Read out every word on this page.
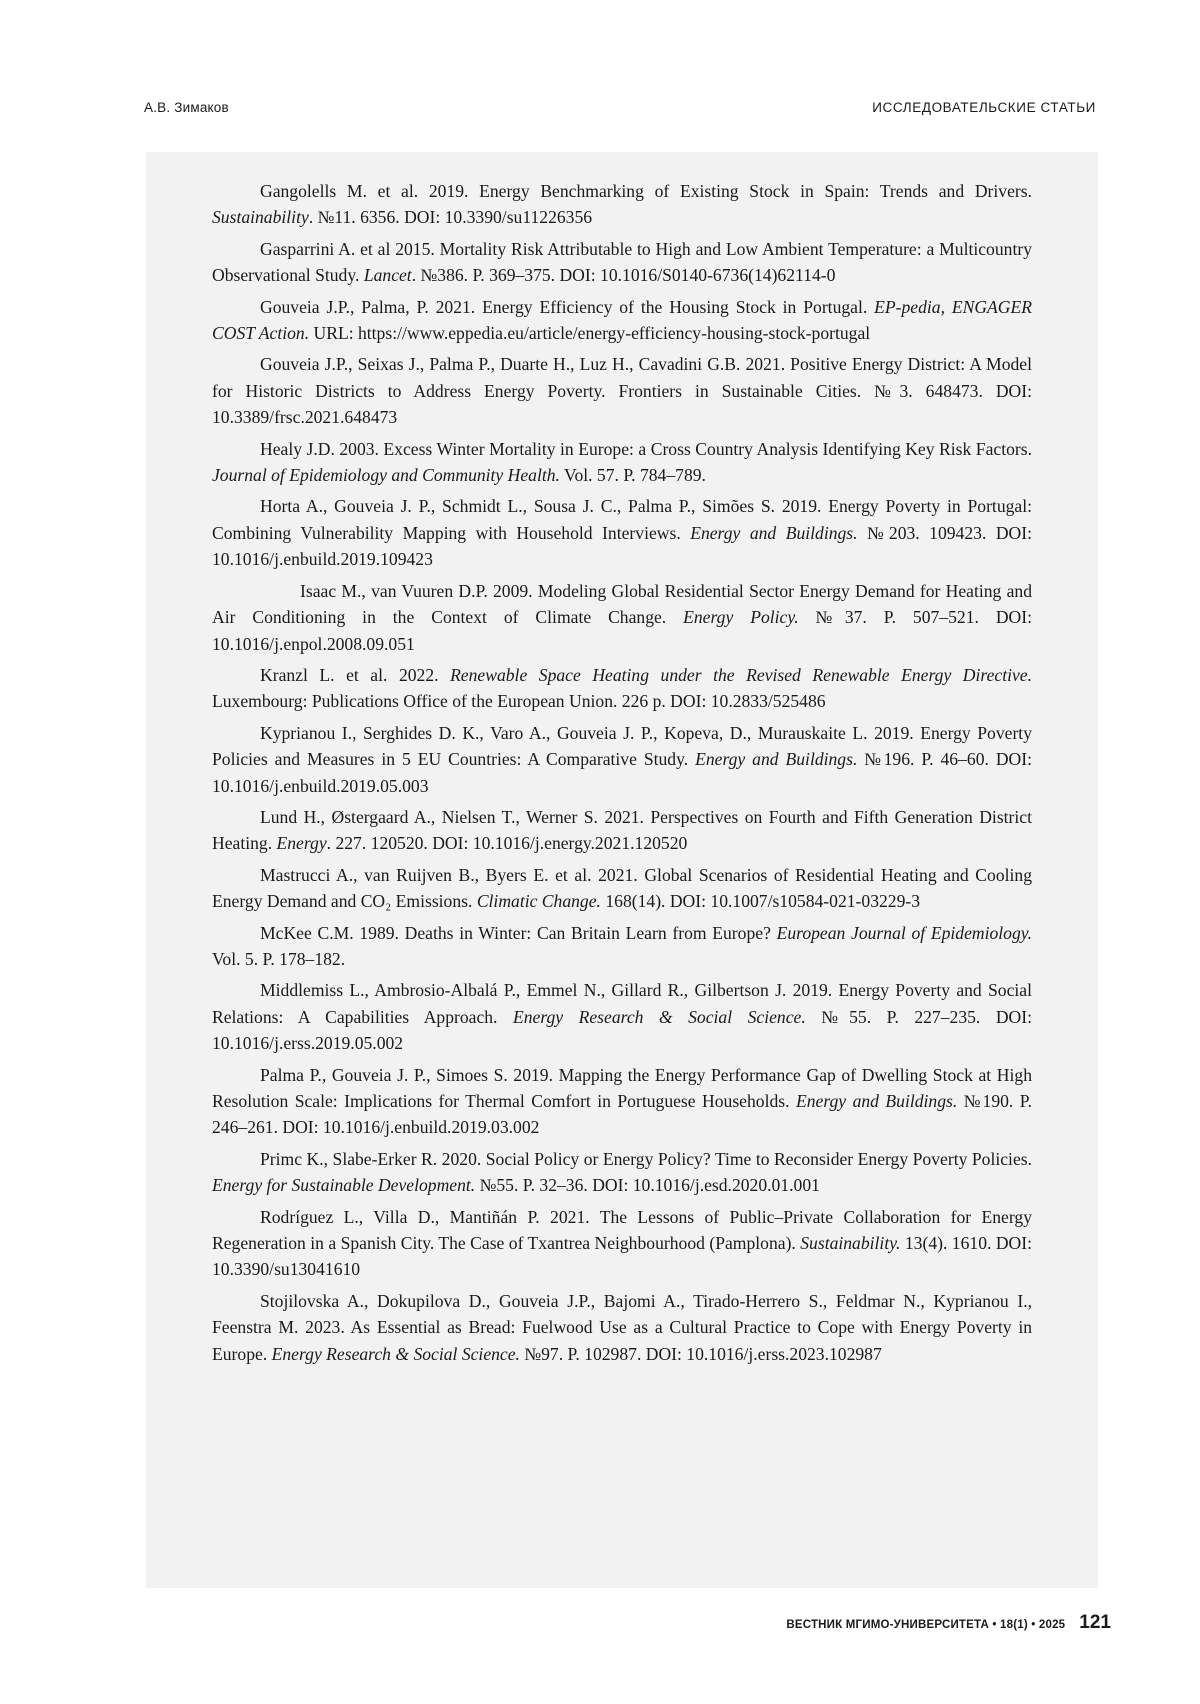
А.В. Зимаков	ИССЛЕДОВАТЕЛЬСКИЕ СТАТЬИ

Gangolells M. et al. 2019. Energy Benchmarking of Existing Stock in Spain: Trends and Drivers. Sustainability. №11. 6356. DOI: 10.3390/su11226356

Gasparrini A. et al 2015. Mortality Risk Attributable to High and Low Ambient Temperature: a Multicountry Observational Study. Lancet. №386. P. 369–375. DOI: 10.1016/S0140-6736(14)62114-0

Gouveia J.P., Palma, P. 2021. Energy Efficiency of the Housing Stock in Portugal. EP-pedia, ENGAGER COST Action. URL: https://www.eppedia.eu/article/energy-efficiency-housing-stock-portugal

Gouveia J.P., Seixas J., Palma P., Duarte H., Luz H., Cavadini G.B. 2021. Positive Energy District: A Model for Historic Districts to Address Energy Poverty. Frontiers in Sustainable Cities. №3. 648473. DOI: 10.3389/frsc.2021.648473

Healy J.D. 2003. Excess Winter Mortality in Europe: a Cross Country Analysis Identifying Key Risk Factors. Journal of Epidemiology and Community Health. Vol. 57. P. 784–789.

Horta A., Gouveia J. P., Schmidt L., Sousa J. C., Palma P., Simões S. 2019. Energy Poverty in Portugal: Combining Vulnerability Mapping with Household Interviews. Energy and Buildings. №203. 109423. DOI: 10.1016/j.enbuild.2019.109423

Isaac M., van Vuuren D.P. 2009. Modeling Global Residential Sector Energy Demand for Heating and Air Conditioning in the Context of Climate Change. Energy Policy. №37. P. 507–521. DOI: 10.1016/j.enpol.2008.09.051

Kranzl L. et al. 2022. Renewable Space Heating under the Revised Renewable Energy Directive. Luxembourg: Publications Office of the European Union. 226 p. DOI: 10.2833/525486

Kyprianou I., Serghides D. K., Varo A., Gouveia J. P., Kopeva, D., Murauskaite L. 2019. Energy Poverty Policies and Measures in 5 EU Countries: A Comparative Study. Energy and Buildings. №196. P. 46–60. DOI: 10.1016/j.enbuild.2019.05.003

Lund H., Østergaard A., Nielsen T., Werner S. 2021. Perspectives on Fourth and Fifth Generation District Heating. Energy. 227. 120520. DOI: 10.1016/j.energy.2021.120520

Mastrucci A., van Ruijven B., Byers E. et al. 2021. Global Scenarios of Residential Heating and Cooling Energy Demand and CO₂ Emissions. Climatic Change. 168(14). DOI: 10.1007/s10584-021-03229-3

McKee C.M. 1989. Deaths in Winter: Can Britain Learn from Europe? European Journal of Epidemiology. Vol. 5. P. 178–182.

Middlemiss L., Ambrosio-Albalá P., Emmel N., Gillard R., Gilbertson J. 2019. Energy Poverty and Social Relations: A Capabilities Approach. Energy Research & Social Science. №55. P. 227–235. DOI: 10.1016/j.erss.2019.05.002

Palma P., Gouveia J. P., Simoes S. 2019. Mapping the Energy Performance Gap of Dwelling Stock at High Resolution Scale: Implications for Thermal Comfort in Portuguese Households. Energy and Buildings. №190. P. 246–261. DOI: 10.1016/j.enbuild.2019.03.002

Primc K., Slabe-Erker R. 2020. Social Policy or Energy Policy? Time to Reconsider Energy Poverty Policies. Energy for Sustainable Development. №55. P. 32–36. DOI: 10.1016/j.esd.2020.01.001

Rodríguez L., Villa D., Mantiñán P. 2021. The Lessons of Public–Private Collaboration for Energy Regeneration in a Spanish City. The Case of Txantrea Neighbourhood (Pamplona). Sustainability. 13(4). 1610. DOI: 10.3390/su13041610

Stojilovska A., Dokupilova D., Gouveia J.P., Bajomi A., Tirado-Herrero S., Feldmar N., Kyprianou I., Feenstra M. 2023. As Essential as Bread: Fuelwood Use as a Cultural Practice to Cope with Energy Poverty in Europe. Energy Research & Social Science. №97. P. 102987. DOI: 10.1016/j.erss.2023.102987

ВЕСТНИК МГИМО-УНИВЕРСИТЕТА • 18(1) • 2025 121
